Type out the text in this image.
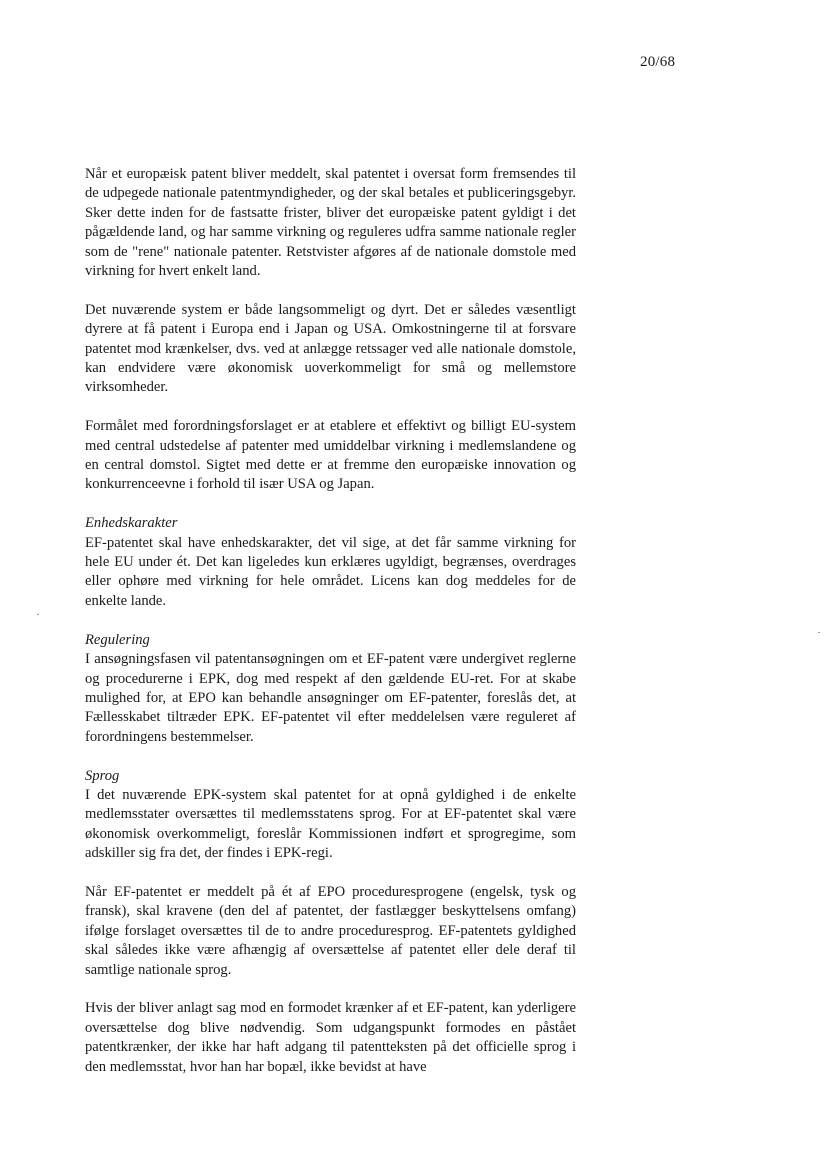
20/68

Når et europæisk patent bliver meddelt, skal patentet i oversat form fremsendes til de udpegede nationale patentmyndigheder, og der skal betales et publiceringsgebyr. Sker dette inden for de fastsatte frister, bliver det europæiske patent gyldigt i det pågældende land, og har samme virkning og reguleres udfra samme nationale regler som de "rene" nationale patenter. Retstvister afgøres af de nationale domstole med virkning for hvert enkelt land.

Det nuværende system er både langsommeligt og dyrt. Det er således væsentligt dyrere at få patent i Europa end i Japan og USA. Omkostningerne til at forsvare patentet mod krænkelser, dvs. ved at anlægge retssager ved alle nationale domstole, kan endvidere være økonomisk uoverkommeligt for små og mellemstore virksomheder.

Formålet med forordningsforslaget er at etablere et effektivt og billigt EU-system med central udstedelse af patenter med umiddelbar virkning i medlemslandene og en central domstol. Sigtet med dette er at fremme den europæiske innovation og konkurrenceevne i forhold til især USA og Japan.

Enhedskarakter

EF-patentet skal have enhedskarakter, det vil sige, at det får samme virkning for hele EU under ét. Det kan ligeledes kun erklæres ugyldigt, begrænses, overdrages eller ophøre med virkning for hele området. Licens kan dog meddeles for de enkelte lande.

Regulering

I ansøgningsfasen vil patentansøgningen om et EF-patent være undergivet reglerne og procedurerne i EPK, dog med respekt af den gældende EU-ret. For at skabe mulighed for, at EPO kan behandle ansøgninger om EF-patenter, foreslås det, at Fællesskabet tiltræder EPK. EF-patentet vil efter meddelelsen være reguleret af forordningens bestemmelser.

Sprog

I det nuværende EPK-system skal patentet for at opnå gyldighed i de enkelte medlemsstater oversættes til medlemsstatens sprog. For at EF-patentet skal være økonomisk overkommeligt, foreslår Kommissionen indført et sprogregime, som adskiller sig fra det, der findes i EPK-regi.

Når EF-patentet er meddelt på ét af EPO proceduresprogene (engelsk, tysk og fransk), skal kravene (den del af patentet, der fastlægger beskyttelsens omfang) ifølge forslaget oversættes til de to andre proceduresprog. EF-patentets gyldighed skal således ikke være afhængig af oversættelse af patentet eller dele deraf til samtlige nationale sprog.

Hvis der bliver anlagt sag mod en formodet krænker af et EF-patent, kan yderligere oversættelse dog blive nødvendig. Som udgangspunkt formodes en påstået patentkrænker, der ikke har haft adgang til patentteksten på det officielle sprog i den medlemsstat, hvor han har bopæl, ikke bevidst at have
